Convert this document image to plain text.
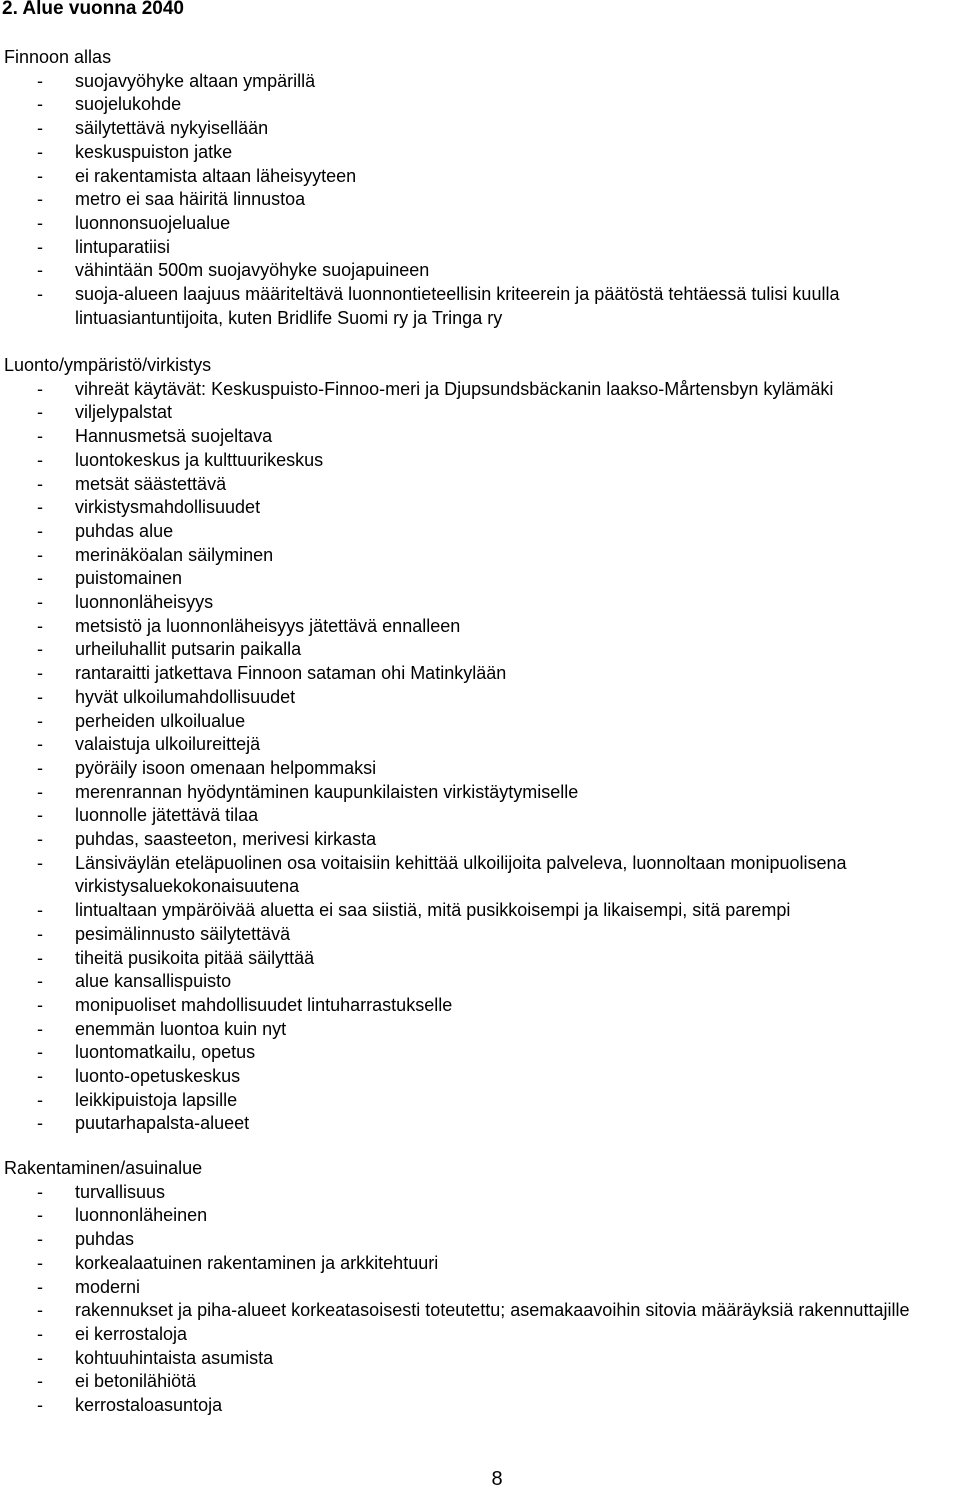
2. Alue vuonna 2040
Finnoon allas
- suojavyöhyke altaan ympärillä
- suojelukohde
- säilytettävä nykyisellään
- keskuspuiston jatke
- ei rakentamista altaan läheisyyteen
- metro ei saa häiritä linnustoa
- luonnonsuojelualue
- lintuparatiisi
- vähintään 500m suojavyöhyke suojapuineen
- suoja-alueen laajuus määriteltävä luonnontieteellisin kriteerein ja päätöstä tehtäessä tulisi kuulla lintuasiantuntijoita, kuten Bridlife Suomi ry ja Tringa ry
Luonto/ympäristö/virkistys
- vihreät käytävät: Keskuspuisto-Finnoo-meri ja Djupsundsbäckanin laakso-Mårtensbyn kylämäki
- viljelypalstat
- Hannusmetsä suojeltava
- luontokeskus ja kulttuurikeskus
- metsät säästettävä
- virkistysmahdollisuudet
- puhdas alue
- merinäköalan säilyminen
- puistomainen
- luonnonläheisyys
- metsistö ja luonnonläheisyys jätettävä ennalleen
- urheiluhallit putsarin paikalla
- rantaraitti jatkettava Finnoon sataman ohi Matinkylään
- hyvät ulkoilumahdollisuudet
- perheiden ulkoilualue
- valaistuja ulkoilureittejä
- pyöräily isoon omenaan helpommaksi
- merenrannan hyödyntäminen kaupunkilaisten virkistäytymiselle
- luonnolle jätettävä tilaa
- puhdas, saasteeton, merivesi kirkasta
- Länsiväylän eteläpuolinen osa voitaisiin kehittää ulkoilijoita palveleva, luonnoltaan monipuolisena virkistysaluekokonaisuutena
- lintualtaan ympäröivää aluetta ei saa siistiä, mitä pusikkoisempi ja likaisempi, sitä parempi
- pesimälinnusto säilytettävä
- tiheitä pusikoita pitää säilyttää
- alue kansallispuisto
- monipuoliset mahdollisuudet lintuharrastukselle
- enemmän luontoa kuin nyt
- luontomatkailu, opetus
- luonto-opetuskeskus
- leikkipuistoja lapsille
- puutarhapalsta-alueet
Rakentaminen/asuinalue
- turvallisuus
- luonnonläheinen
- puhdas
- korkealaatuinen rakentaminen ja arkkitehtuuri
- moderni
- rakennukset ja piha-alueet korkeatasoisesti toteutettu; asemakaavoihin sitovia määräyksiä rakennuttajille
- ei kerrostaloja
- kohtuuhintaista asumista
- ei betonilähiötä
- kerrostaloasuntoja
8
